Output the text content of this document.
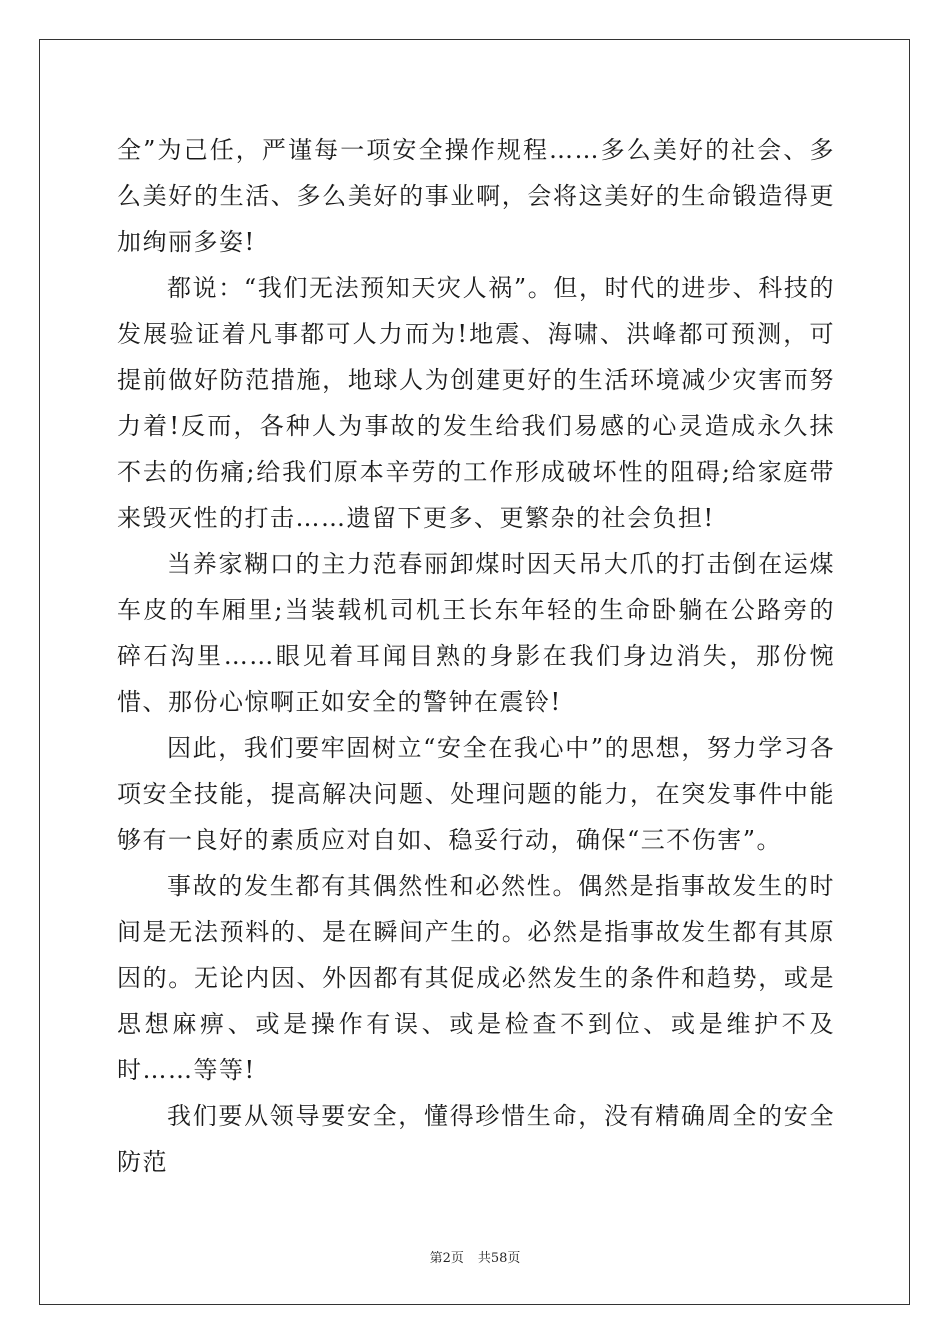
全”为己任，严谨每一项安全操作规程……多么美好的社会、多么美好的生活、多么美好的事业啊，会将这美好的生命锻造得更加绚丽多姿!

都说：“我们无法预知天灾人祸”。但，时代的进步、科技的发展验证着凡事都可人力而为!地震、海啸、洪峰都可预测，可提前做好防范措施，地球人为创建更好的生活环境减少灾害而努力着!反而，各种人为事故的发生给我们易感的心灵造成永久抹不去的伤痛;给我们原本辛劳的工作形成破坏性的阻碍;给家庭带来毁灭性的打击……遗留下更多、更繁杂的社会负担!

当养家糊口的主力范春丽卸煤时因天吊大爪的打击倒在运煤车皮的车厢里;当装载机司机王长东年轻的生命卧躺在公路旁的碎石沟里……眼见着耳闻目熟的身影在我们身边消失，那份惋惜、那份心惊啊正如安全的警钟在震铃!

因此，我们要牢固树立“安全在我心中”的思想，努力学习各项安全技能，提高解决问题、处理问题的能力，在突发事件中能够有一良好的素质应对自如、稳妥行动，确保“三不伤害”。

事故的发生都有其偶然性和必然性。偶然是指事故发生的时间是无法预料的、是在瞬间产生的。必然是指事故发生都有其原因的。无论内因、外因都有其促成必然发生的条件和趋势，或是思想麻痹、或是操作有误、或是检查不到位、或是维护不及时……等等!

我们要从领导要安全，懂得珍惜生命，没有精确周全的安全防范

第2页 共58页
